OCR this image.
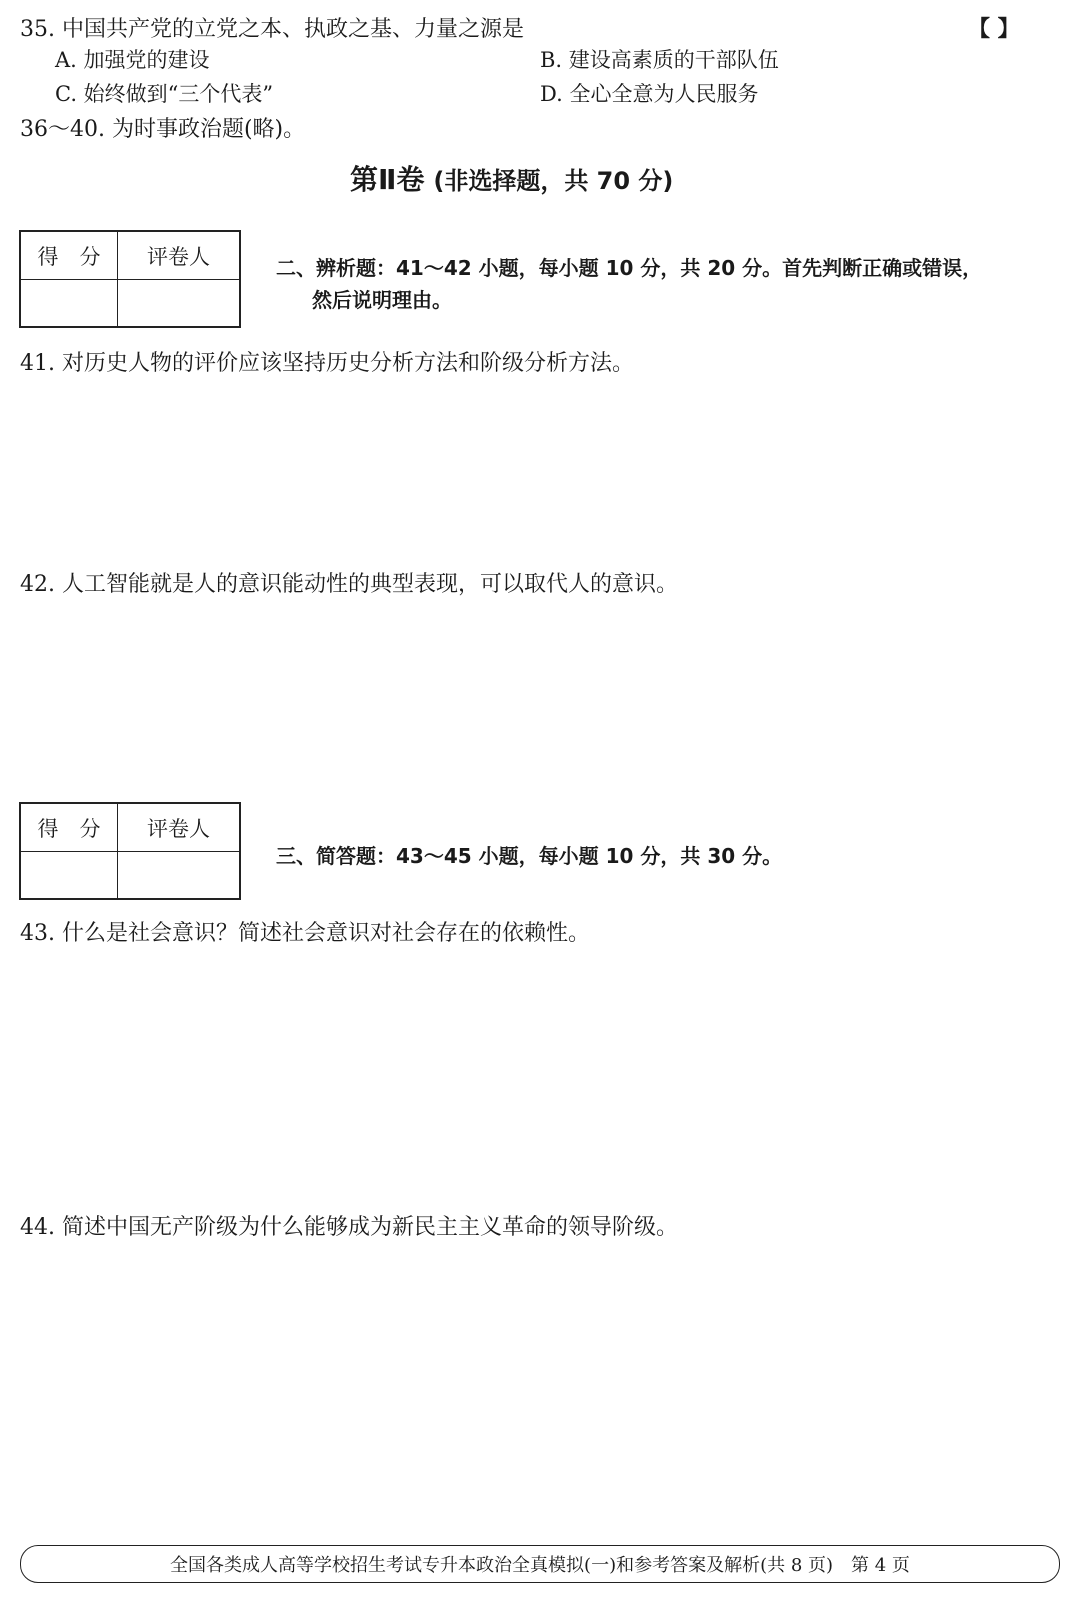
35. 中国共产党的立党之本、执政之基、力量之源是	【 】
A. 加强党的建设	B. 建设高素质的干部队伍
C. 始终做到“三个代表”	D. 全心全意为人民服务
36～40. 为时事政治题(略)。
第Ⅱ卷 (非选择题，共 70 分)
得　分	评卷人	二、辨析题：41～42 小题，每小题 10 分，共 20 分。首先判断正确或错误，
然后说明理由。
41. 对历史人物的评价应该坚持历史分析方法和阶级分析方法。
42. 人工智能就是人的意识能动性的典型表现，可以取代人的意识。
得　分	评卷人
三、简答题：43～45 小题，每小题 10 分，共 30 分。
43. 什么是社会意识？简述社会意识对社会存在的依赖性。
44. 简述中国无产阶级为什么能够成为新民主主义革命的领导阶级。
全国各类成人高等学校招生考试专升本政治全真模拟(一)和参考答案及解析(共 8 页)　第 4 页
